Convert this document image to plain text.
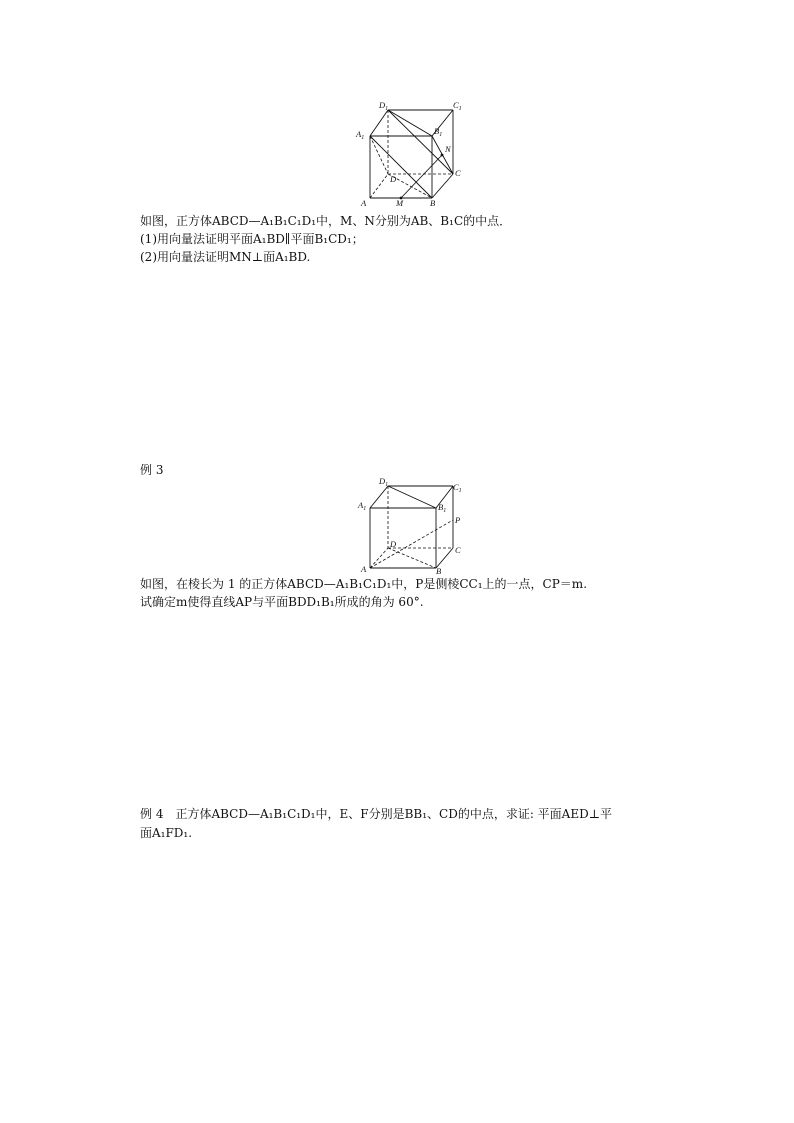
$D_1$	$C_1$
$A_1$
$B_1$
N
C
D
A	M	B

如图，正方体ABCD—A₁B₁C₁D₁中，M、N分别为AB、B₁C的中点．

(1)用向量法证明平面A₁BD∥平面B₁CD₁；

(2)用向量法证明MN⊥面A₁BD.

例 3

$D_1$	$C_1$
$A_1$	$B_1$
P
D
C
A	B

如图，在棱长为 1 的正方体ABCD—A₁B₁C₁D₁中，P是侧棱CC₁上的一点，CP＝m.

试确定m使得直线AP与平面BDD₁B₁所成的角为 60°.

例 4　正方体ABCD—A₁B₁C₁D₁中，E、F分别是BB₁、CD的中点，求证: 平面AED⊥平

面A₁FD₁.
